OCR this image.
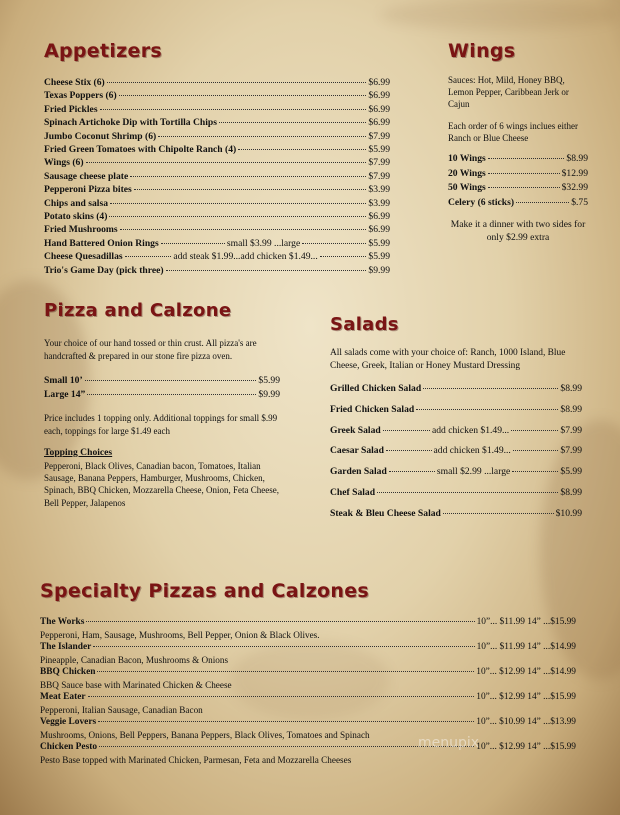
Appetizers
Cheese Stix (6)	$6.99
Texas Poppers (6)	$6.99
Fried Pickles	$6.99
Spinach Artichoke Dip with Tortilla Chips	$6.99
Jumbo Coconut Shrimp (6)	$7.99
Fried Green Tomatoes with Chipolte Ranch (4)	$5.99
Wings (6)	$7.99
Sausage cheese plate	$7.99
Pepperoni Pizza bites	$3.99
Chips and salsa	$3.99
Potato skins (4)	$6.99
Fried Mushrooms	$6.99
Hand Battered Onion Rings	small $3.99 ...large	$5.99
Cheese Quesadillas	add steak $1.99...add chicken $1.49...	$5.99
Trio's Game Day (pick three)	$9.99
Wings

Sauces: Hot, Mild, Honey BBQ, Lemon Pepper, Caribbean Jerk or Cajun

Each order of 6 wings inclues either Ranch or Blue Cheese

10 Wings	$8.99
20 Wings	$12.99
50 Wings	$32.99
Celery (6 sticks)	$.75

Make it a dinner with two sides for only $2.99 extra

Pizza and Calzone

Your choice of our hand tossed or thin crust. All pizza's are handcrafted & prepared in our stone fire pizza oven.

Small 10’	$5.99
Large 14”	$9.99

Price includes 1 topping only. Additional toppings for small $.99 each, toppings for large $1.49 each

Topping Choices

Pepperoni, Black Olives, Canadian bacon, Tomatoes, Italian Sausage, Banana Peppers, Hamburger, Mushrooms, Chicken, Spinach, BBQ Chicken, Mozzarella Cheese, Onion, Feta Cheese, Bell Pepper, Jalapenos

Salads

All salads come with your choice of: Ranch, 1000 Island, Blue Cheese, Greek, Italian or Honey Mustard Dressing

Grilled Chicken Salad	$8.99
Fried Chicken Salad	$8.99
Greek Salad	add chicken $1.49...	$7.99
Caesar Salad	add chicken $1.49...	$7.99
Garden Salad	small $2.99 ...large	$5.99
Chef Salad	$8.99
Steak & Bleu Cheese Salad	$10.99
Specialty Pizzas and Calzones
The Works	10”... $11.99 14” ...$15.99

Pepperoni, Ham, Sausage, Mushrooms, Bell Pepper, Onion & Black Olives.

The Islander	10”... $11.99 14” ...$14.99

Pineapple, Canadian Bacon, Mushrooms & Onions

BBQ Chicken	10”... $12.99 14” ...$14.99

BBQ Sauce base with Marinated Chicken & Cheese

Meat Eater	10”... $12.99 14” ...$15.99

Pepperoni, Italian Sausage, Canadian Bacon

Veggie Lovers	10”... $10.99 14” ...$13.99

Mushrooms, Onions, Bell Peppers, Banana Peppers, Black Olives, Tomatoes and Spinach

Chicken Pesto	10”... $12.99 14” ...$15.99

Pesto Base topped with Marinated Chicken, Parmesan, Feta and Mozzarella Cheeses

menupix
